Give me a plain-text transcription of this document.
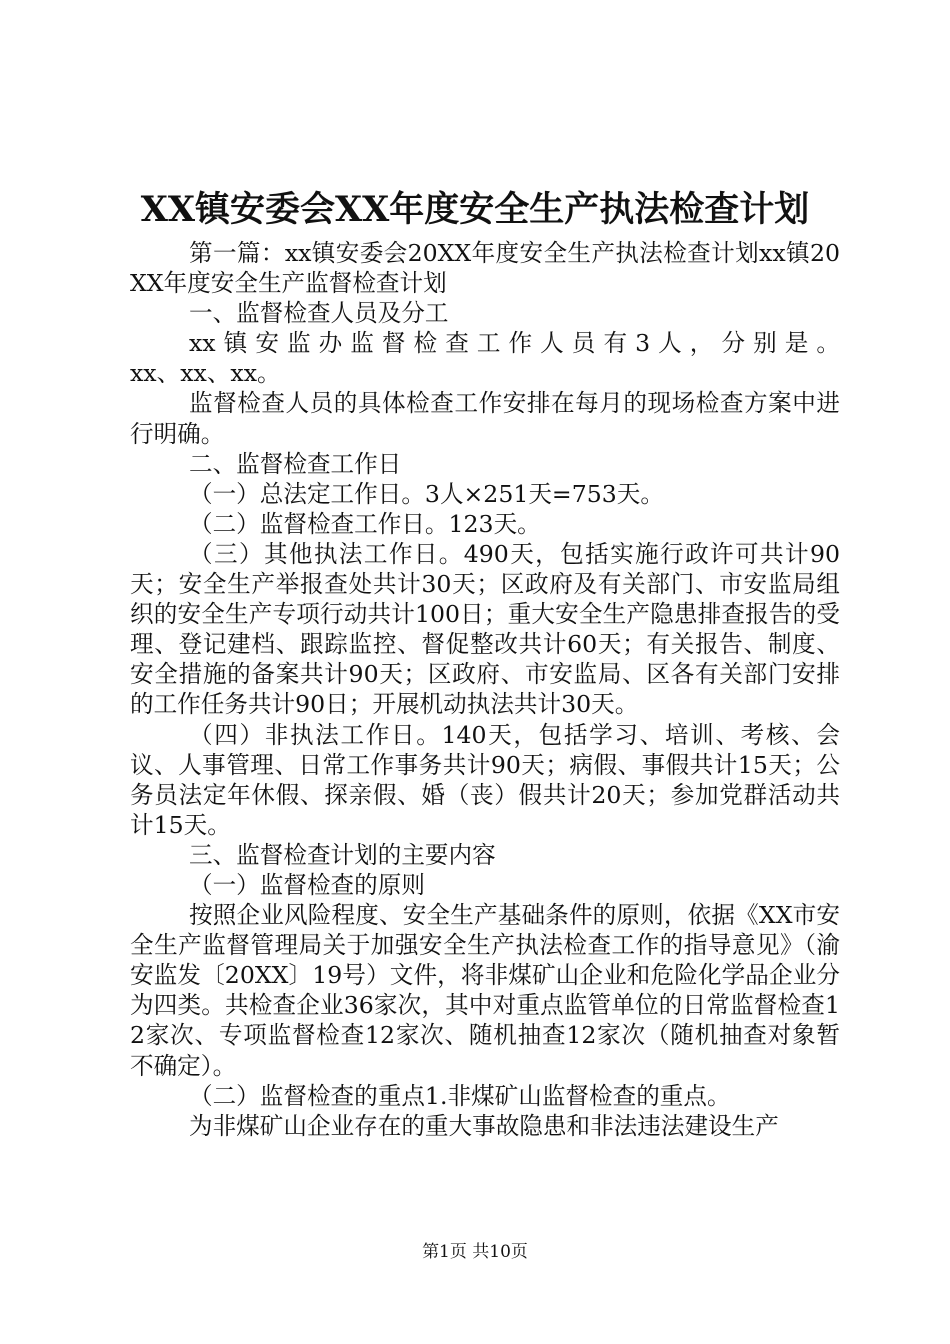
XX镇安委会XX年度安全生产执法检查计划

第一篇：xx镇安委会20XX年度安全生产执法检查计划xx镇20XX年度安全生产监督检查计划

一、监督检查人员及分工

xx镇安监办监督检查工作人员有3人，分别是。

xx、xx、xx。

监督检查人员的具体检查工作安排在每月的现场检查方案中进行明确。

二、监督检查工作日

（一）总法定工作日。3人×251天=753天。

（二）监督检查工作日。123天。

（三）其他执法工作日。490天，包括实施行政许可共计90天；安全生产举报查处共计30天；区政府及有关部门、市安监局组织的安全生产专项行动共计100日；重大安全生产隐患排查报告的受理、登记建档、跟踪监控、督促整改共计60天；有关报告、制度、安全措施的备案共计90天；区政府、市安监局、区各有关部门安排的工作任务共计90日；开展机动执法共计30天。

（四）非执法工作日。140天，包括学习、培训、考核、会议、人事管理、日常工作事务共计90天；病假、事假共计15天；公务员法定年休假、探亲假、婚（丧）假共计20天；参加党群活动共计15天。

三、监督检查计划的主要内容

（一）监督检查的原则

按照企业风险程度、安全生产基础条件的原则，依据《XX市安全生产监督管理局关于加强安全生产执法检查工作的指导意见》（渝安监发〔20XX〕19号）文件，将非煤矿山企业和危险化学品企业分为四类。共检查企业36家次，其中对重点监管单位的日常监督检查12家次、专项监督检查12家次、随机抽查12家次（随机抽查对象暂不确定）。

（二）监督检查的重点1.非煤矿山监督检查的重点。

为非煤矿山企业存在的重大事故隐患和非法违法建设生产

第1页 共10页
